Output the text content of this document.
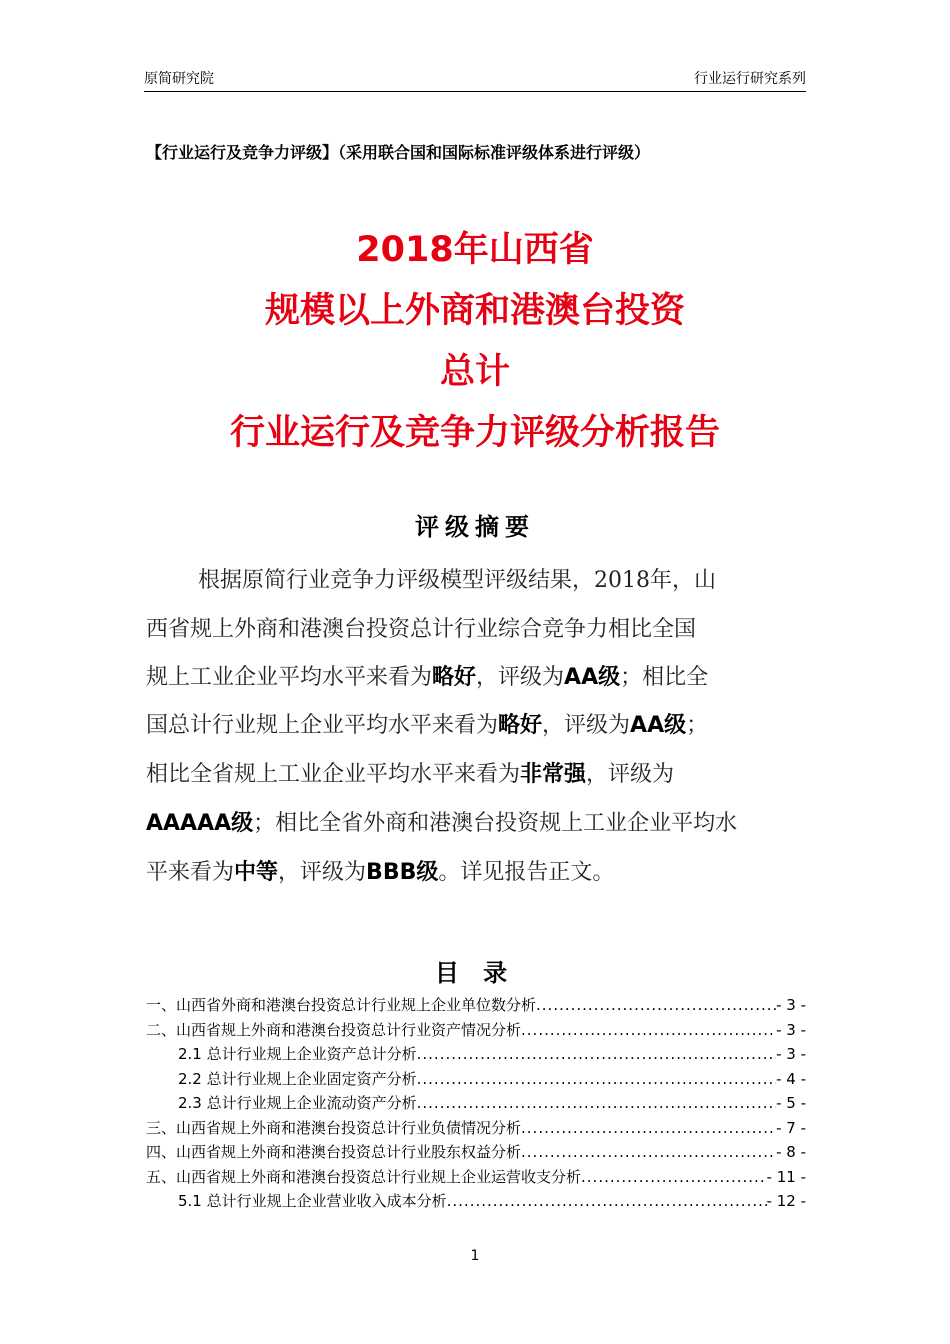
原简研究院	行业运行研究系列
【行业运行及竞争力评级】（采用联合国和国际标准评级体系进行评级）
2018年山西省
规模以上外商和港澳台投资
总计
行业运行及竞争力评级分析报告
评级摘要
根据原简行业竞争力评级模型评级结果，2018年，山
西省规上外商和港澳台投资总计行业综合竞争力相比全国
规上工业企业平均水平来看为略好，评级为AA级；相比全
国总计行业规上企业平均水平来看为略好，评级为AA级；
相比全省规上工业企业平均水平来看为非常强，评级为
AAAAA级；相比全省外商和港澳台投资规上工业企业平均水
平来看为中等，评级为BBB级。详见报告正文。
目 录
一、山西省外商和港澳台投资总计行业规上企业单位数分析 .....	- 3 -
二、山西省规上外商和港澳台投资总计行业资产情况分析 .....	- 3 -
2.1 总计行业规上企业资产总计分析 .....	- 3 -
2.2 总计行业规上企业固定资产分析 .....	- 4 -
2.3 总计行业规上企业流动资产分析 .....	- 5 -
三、山西省规上外商和港澳台投资总计行业负债情况分析 .....	- 7 -
四、山西省规上外商和港澳台投资总计行业股东权益分析 .....	- 8 -
五、山西省规上外商和港澳台投资总计行业规上企业运营收支分析 .....	- 11 -
5.1 总计行业规上企业营业收入成本分析 .....	- 12 -
1
